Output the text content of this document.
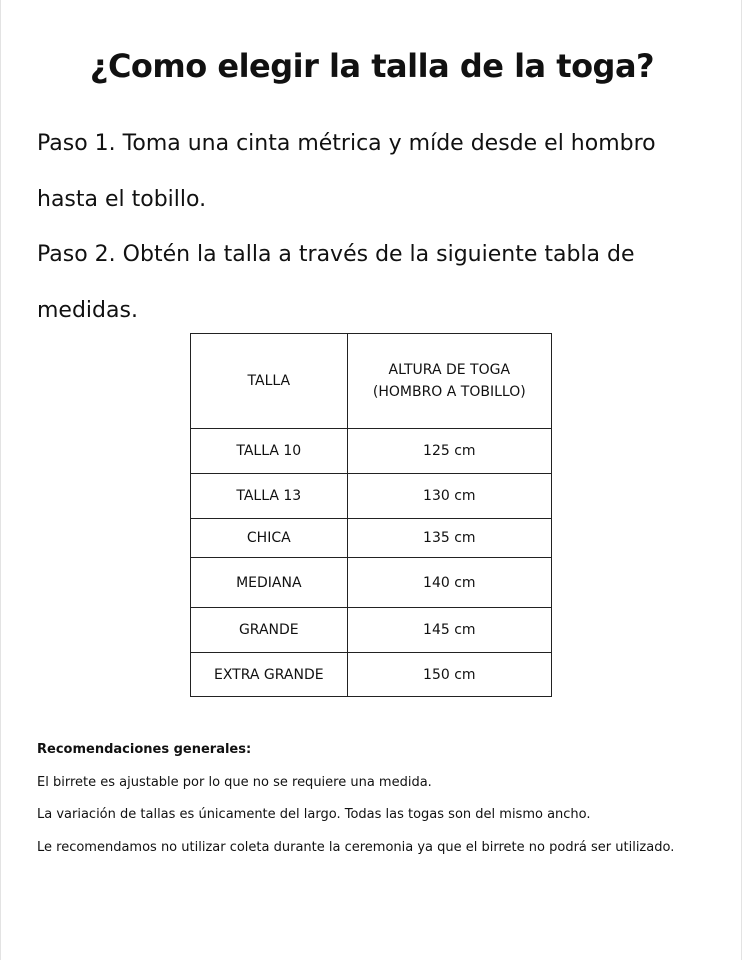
¿Como elegir la talla de la toga?

Paso 1. Toma una cinta métrica y míde desde el hombro hasta el tobillo.

Paso 2. Obtén la talla a través de la siguiente tabla de medidas.

TALLA	ALTURA DE TOGA
(HOMBRO A TOBILLO)

TALLA 10	125 cm
TALLA 13	130 cm
CHICA	135 cm
MEDIANA	140 cm
GRANDE	145 cm
EXTRA GRANDE	150 cm

Recomendaciones generales:

El birrete es ajustable por lo que no se requiere una medida.

La variación de tallas es únicamente del largo. Todas las togas son del mismo ancho.

Le recomendamos no utilizar coleta durante la ceremonia ya que el birrete no podrá ser utilizado.
